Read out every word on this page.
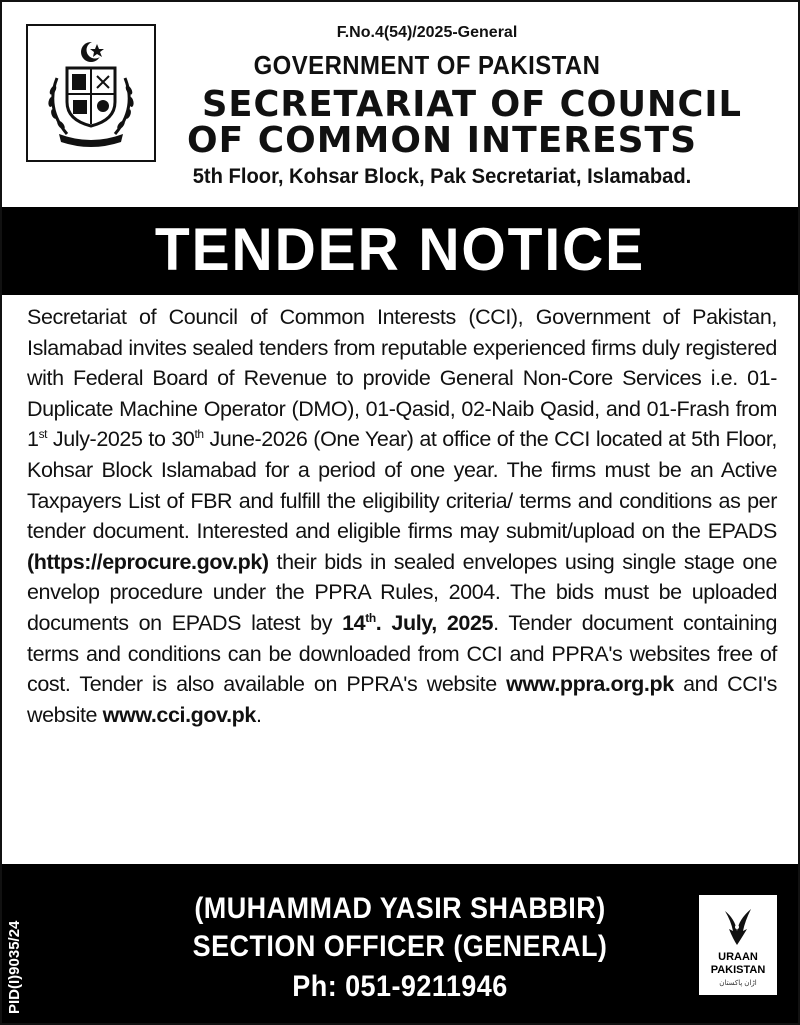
F.No.4(54)/2025-General
GOVERNMENT OF PAKISTAN
SECRETARIAT OF COUNCIL
OF COMMON INTERESTS
5th Floor, Kohsar Block, Pak Secretariat, Islamabad.
TENDER NOTICE
Secretariat of Council of Common Interests (CCI), Government of Pakistan, Islamabad invites sealed tenders from reputable experienced firms duly registered with Federal Board of Revenue to provide General Non-Core Services i.e. 01-Duplicate Machine Operator (DMO), 01-Qasid, 02-Naib Qasid, and 01-Frash from 1st July-2025 to 30th June-2026 (One Year) at office of the CCI located at 5th Floor, Kohsar Block Islamabad for a period of one year. The firms must be an Active Taxpayers List of FBR and fulfill the eligibility criteria/ terms and conditions as per tender document. Interested and eligible firms may submit/upload on the EPADS (https://eprocure.gov.pk) their bids in sealed envelopes using single stage one envelop procedure under the PPRA Rules, 2004. The bids must be uploaded documents on EPADS latest by 14th. July, 2025. Tender document containing terms and conditions can be downloaded from CCI and PPRA's websites free of cost. Tender is also available on PPRA's website www.ppra.org.pk and CCI's website www.cci.gov.pk.
PID(I)9035/24
(MUHAMMAD YASIR SHABBIR)
SECTION OFFICER (GENERAL)
Ph: 051-9211946
URAAN
PAKISTAN
اڑان پاکستان
